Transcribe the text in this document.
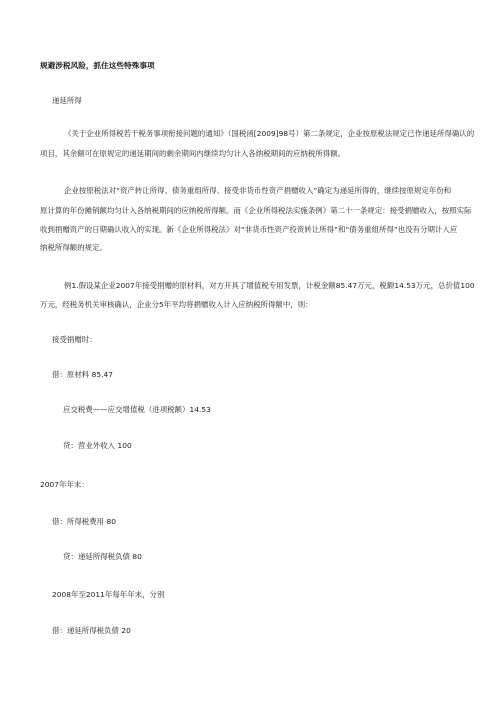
规避涉税风险，抓住这些特殊事项
递延所得
《关于企业所得税若干税务事项衔接问题的通知》（国税函[2009]98号）第二条规定，企业按原税法规定已作递延所得确认的
项目，其余额可在原规定的递延期间的剩余期间内继续均匀计入各纳税期间的应纳税所得额。
企业按原税法对“资产转让所得、债务重组所得、接受非货币性资产捐赠收入”确定为递延所得的，继续按原规定年份和
原计算的年份摊销额均匀计入各纳税期间的应纳税所得额。而《企业所得税法实施条例》第二十一条规定：接受捐赠收入，按照实际
收到捐赠资产的日期确认收入的实现。新《企业所得税法》对“非货币性资产投资转让所得”和“债务重组所得”也没有分期计入应
纳税所得额的规定。
例1.假设某企业2007年接受捐赠的原材料，对方开具了增值税专用发票，计税金额85.47万元，税额14.53万元，总价值100
万元，经税务机关审核确认，企业分5年平均将捐赠收入计入应纳税所得额中，则：
接受捐赠时：
借：原材料 85.47
应交税费——应交增值税（进项税额）14.53
贷：营业外收入 100
2007年年末：
借：所得税费用 80
贷：递延所得税负债 80
2008年至2011年每年年末，分别
借：递延所得税负债 20
